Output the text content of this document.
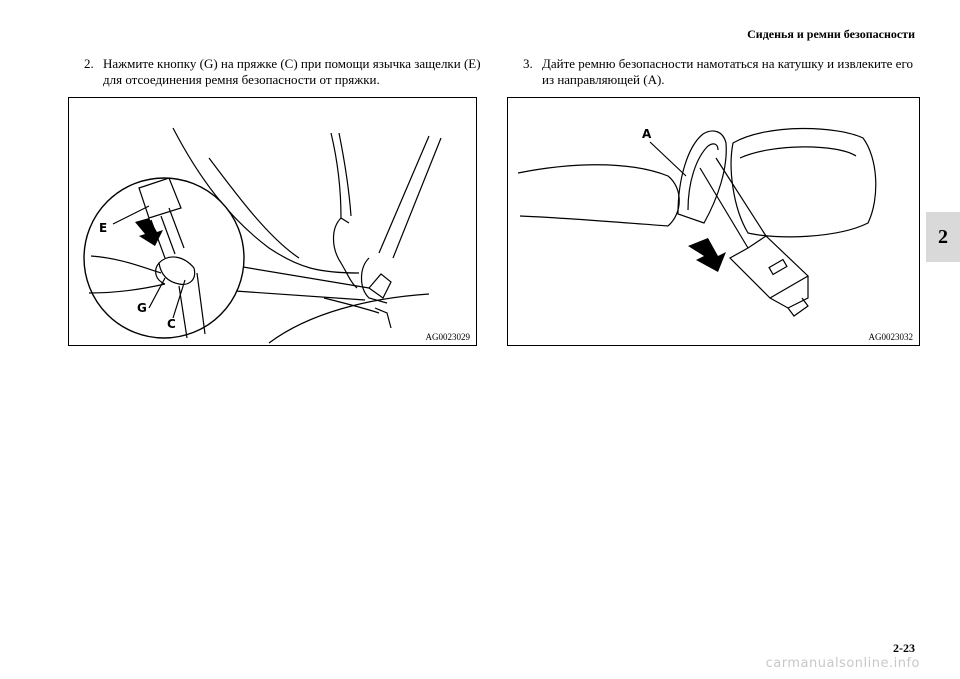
Сиденья и ремни безопасности
2
2. Нажмите кнопку (G) на пряжке (C) при помощи язычка защелки (E) для отсоединения ремня безопасности от пряжки.
3. Дайте ремню безопасности намотаться на катушку и извлеките его из направляющей (A).
E
G
C
AG0023029
A
AG0023032
2-23
carmanualsonline.info
